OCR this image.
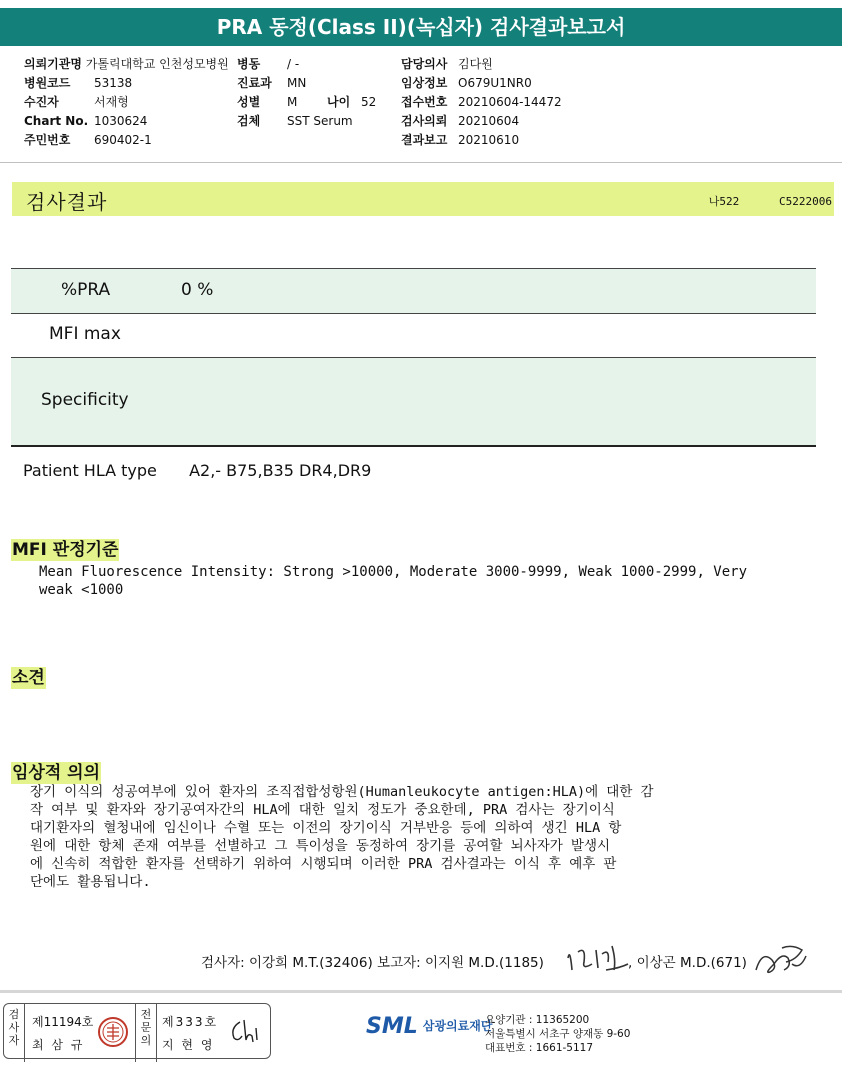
PRA 동정(Class II)(녹십자) 검사결과보고서
의뢰기관명 가톨릭대학교 인천성모병원
병원코드 53138
수진자	서재형
Chart No. 1030624
주민번호 690402-1
병동 / -
진료과 MN
성별 M 나이 52
검체 SST Serum
담당의사 김다원
임상정보 O679U1NR0
접수번호 20210604-14472
검사의뢰 20210604
결과보고 20210610
검사결과	나522	C5222006
%PRA	0 %
MFI max
Specificity
Patient HLA type A2,- B75,B35 DR4,DR9
MFI 판정기준
Mean Fluorescence Intensity: Strong >10000, Moderate 3000-9999, Weak 1000-2999, Very
weak <1000
소견
임상적 의의
장기 이식의 성공여부에 있어 환자의 조직접합성항원(Humanleukocyte antigen:HLA)에 대한 감
작 여부 및 환자와 장기공여자간의 HLA에 대한 일치 정도가 중요한데, PRA 검사는 장기이식
대기환자의 혈청내에 임신이나 수혈 또는 이전의 장기이식 거부반응 등에 의하여 생긴 HLA 항
원에 대한 항체 존재 여부를 선별하고 그 특이성을 동정하여 장기를 공여할 뇌사자가 발생시
에 신속히 적합한 환자를 선택하기 위하여 시행되며 이러한 PRA 검사결과는 이식 후 예후 판
단에도 활용됩니다.
검사자: 이강희 M.T.(32406) 보고자: 이지원 M.D.(1185)	, 이상곤 M.D.(671)
검사자
제11194호
최 삼 규
전문의
제333호
지 현 영
SML 삼광의료재단
요양기관 : 11365200
서울특별시 서초구 양재동 9-60
대표번호 : 1661-5117
